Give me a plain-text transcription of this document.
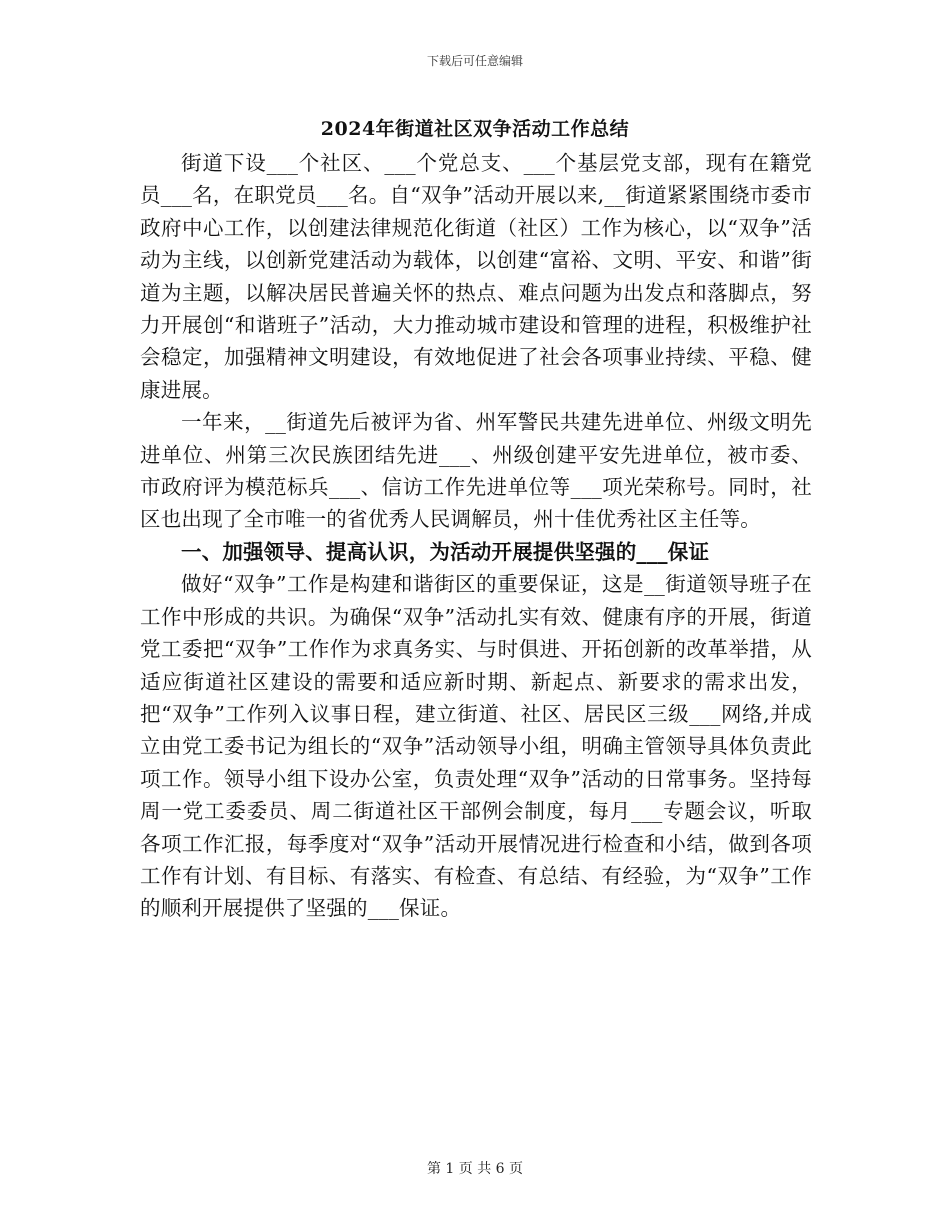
下载后可任意编辑
2024年街道社区双争活动工作总结

街道下设___个社区、___个党总支、___个基层党支部，现有在籍党员___名，在职党员___名。自“双争”活动开展以来,__街道紧紧围绕市委市政府中心工作，以创建法律规范化街道（社区）工作为核心，以“双争”活动为主线，以创新党建活动为载体，以创建“富裕、文明、平安、和谐”街道为主题，以解决居民普遍关怀的热点、难点问题为出发点和落脚点，努力开展创“和谐班子”活动，大力推动城市建设和管理的进程，积极维护社会稳定，加强精神文明建设，有效地促进了社会各项事业持续、平稳、健康进展。

一年来，__街道先后被评为省、州军警民共建先进单位、州级文明先进单位、州第三次民族团结先进___、州级创建平安先进单位，被市委、市政府评为模范标兵___、信访工作先进单位等___项光荣称号。同时，社区也出现了全市唯一的省优秀人民调解员，州十佳优秀社区主任等。

一、加强领导、提高认识，为活动开展提供坚强的___保证

做好“双争”工作是构建和谐街区的重要保证，这是__街道领导班子在工作中形成的共识。为确保“双争”活动扎实有效、健康有序的开展，街道党工委把“双争”工作作为求真务实、与时俱进、开拓创新的改革举措，从适应街道社区建设的需要和适应新时期、新起点、新要求的需求出发，把“双争”工作列入议事日程，建立街道、社区、居民区三级___网络,并成立由党工委书记为组长的“双争”活动领导小组，明确主管领导具体负责此项工作。领导小组下设办公室，负责处理“双争”活动的日常事务。坚持每周一党工委委员、周二街道社区干部例会制度，每月___专题会议，听取各项工作汇报，每季度对“双争”活动开展情况进行检查和小结，做到各项工作有计划、有目标、有落实、有检查、有总结、有经验，为“双争”工作的顺利开展提供了坚强的___保证。

第 1 页 共 6 页
